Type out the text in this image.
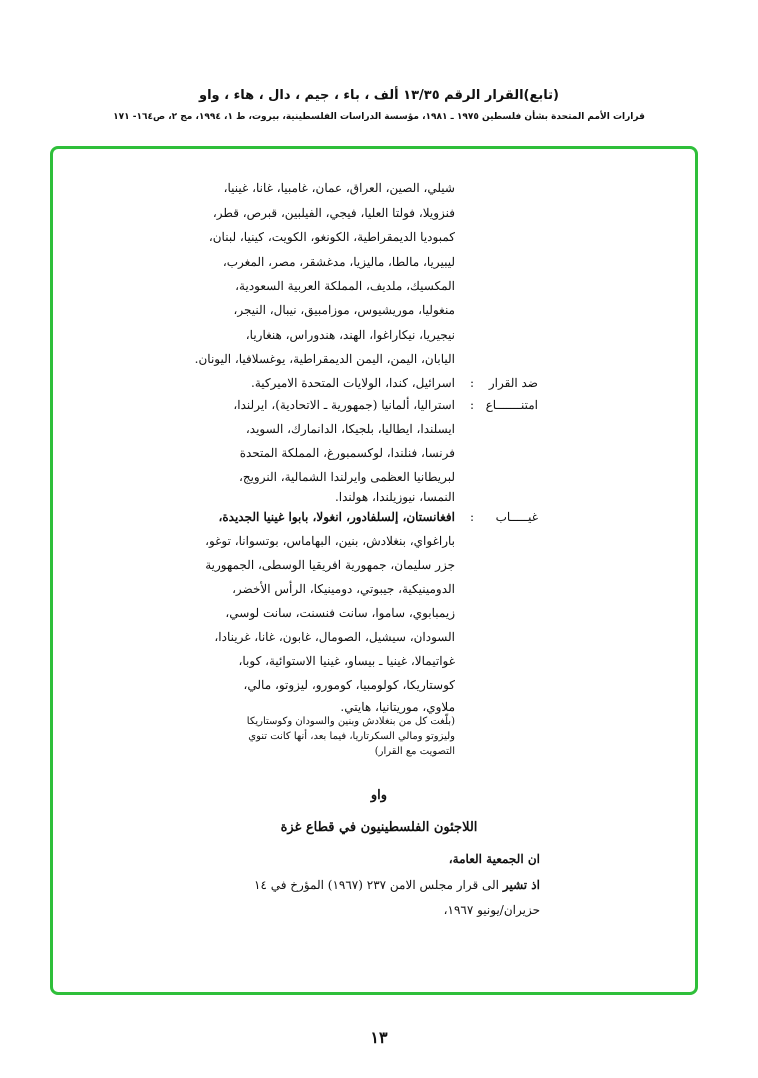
(تابع)القرار الرقم ١٣/٣٥ ألف ، باء ، جيم ، دال ، هاء ، واو
قرارات الأمم المتحدة بشأن فلسطين ١٩٧٥ ـ ١٩٨١، مؤسسة الدراسات الفلسطينية، بيروت، ط ١، ١٩٩٤، مج ٢، ص١٦٤- ١٧١
شيلي، الصين، العراق، عمان، غامبيا، غانا، غينيا،
فنزويلا، فولتا العليا، فيجي، الفيلبين، قبرص، قطر،
كمبوديا الديمقراطية، الكونغو، الكويت، كينيا، لبنان،
ليبيريا، مالطا، ماليزيا، مدغشقر، مصر، المغرب،
المكسيك، ملديف، المملكة العربية السعودية،
منغوليا، موريشيوس، موزامبيق، نيبال، النيجر،
نيجيريا، نيكاراغوا، الهند، هندوراس، هنغاريا،
اليابان، اليمن، اليمن الديمقراطية، يوغسلافيا، اليونان.
ضد القرار
:
اسرائيل، كندا، الولايات المتحدة الاميركية.
امتنـــــــاع
:
استراليا، ألمانيا (جمهورية ـ الاتحادية)، ايرلندا،
ايسلندا، ايطاليا، بلجيكا، الدانمارك، السويد،
فرنسا، فنلندا، لوكسمبورغ، المملكة المتحدة
لبريطانيا العظمى وايرلندا الشمالية، النرويج،
النمسا، نيوزيلندا، هولندا.
غيـــــاب
:
افغانستان، إلسلفادور، انغولا، بابوا غينيا الجديدة،
باراغواي، بنغلادش، بنين، البهاماس، بوتسوانا، توغو،
جزر سليمان، جمهورية افريقيا الوسطى، الجمهورية
الدومينيكية، جيبوتي، دومينيكا، الرأس الأخضر،
زيمبابوي، ساموا، سانت فنسنت، سانت لوسي،
السودان، سيشيل، الصومال، غابون، غانا، غرينادا،
غواتيمالا، غينيا ـ بيساو، غينيا الاستوائية، كوبا،
كوستاريكا، كولومبيا، كومورو، ليزوتو، مالي،
ملاوي، موريتانيا، هايتي.
(بلّغت كل من بنغلادش وبنين والسودان وكوستاريكا
وليزوتو ومالي السكرتاريا، فيما بعد، أنها كانت تنوي
التصويت مع القرار)
واو
اللاجئون الفلسطينيون في قطاع غزة
ان الجمعية العامة،
اذ تشير الى قرار مجلس الامن ٢٣٧ (١٩٦٧) المؤرخ في ١٤
حزيران/يونيو ١٩٦٧،
١٣
